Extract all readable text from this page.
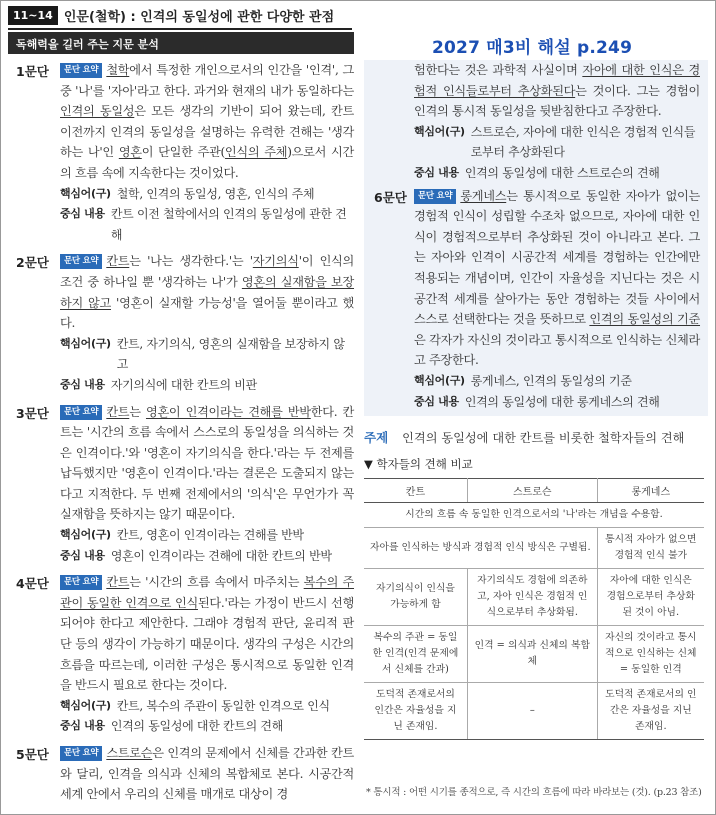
11~14 인문(철학) : 인격의 동일성에 관한 다양한 관점
2027 매3비 해설 p.249
독해력을 길러 주는 지문 분석
1문단	문단 요약 철학에서 특정한 개인으로서의 인간을 '인격', 그중 '나'를 '자아'라고 한다. 과거와 현재의 내가 동일하다는 인격의 동일성은 모든 생각의 기반이 되어 왔는데, 칸트 이전까지 인격의 동일성을 설명하는 유력한 견해는 '생각하는 나'인 영혼이 단일한 주관(인식의 주체)으로서 시간의 흐름 속에 지속한다는 것이었다.
핵심어(구) 철학, 인격의 동일성, 영혼, 인식의 주체
중심 내용 칸트 이전 철학에서의 인격의 동일성에 관한 견해
2문단	문단 요약 칸트는 '나는 생각한다.'는 '자기의식'이 인식의 조건 중 하나일 뿐 '생각하는 나'가 영혼의 실재함을 보장하지 않고 '영혼이 실재할 가능성'을 열어둘 뿐이라고 했다.
핵심어(구) 칸트, 자기의식, 영혼의 실재함을 보장하지 않고
중심 내용 자기의식에 대한 칸트의 비판
3문단	문단 요약 칸트는 영혼이 인격이라는 견해를 반박한다. 칸트는 '시간의 흐름 속에서 스스로의 동일성을 의식하는 것은 인격이다.'와 '영혼이 자기의식을 한다.'라는 두 전제를 납득했지만 '영혼이 인격이다.'라는 결론은 도출되지 않는다고 지적한다. 두 번째 전제에서의 '의식'은 무언가가 꼭 실재함을 뜻하지는 않기 때문이다.
핵심어(구) 칸트, 영혼이 인격이라는 견해를 반박
중심 내용 영혼이 인격이라는 견해에 대한 칸트의 반박
4문단	문단 요약 칸트는 '시간의 흐름 속에서 마주치는 복수의 주관이 동일한 인격으로 인식된다.'라는 가정이 반드시 선행되어야 한다고 제안한다. 그래야 경험적 판단, 윤리적 판단 등의 생각이 가능하기 때문이다. 생각의 구성은 시간의 흐름을 따르는데, 이러한 구성은 통시적으로 동일한 인격을 반드시 필요로 한다는 것이다.
핵심어(구) 칸트, 복수의 주관이 동일한 인격으로 인식
중심 내용 인격의 동일성에 대한 칸트의 견해
5문단	문단 요약 스트로슨은 인격의 문제에서 신체를 간과한 칸트와 달리, 인격을 의식과 신체의 복합체로 본다. 시공간적 세계 안에서 우리의 신체를 매개로 대상이 경
험한다는 것은 과학적 사실이며 자아에 대한 인식은 경험적 인식들로부터 추상화된다는 것이다. 그는 경험이 인격의 통시적 동일성을 뒷받침한다고 주장한다.
핵심어(구) 스트로슨, 자아에 대한 인식은 경험적 인식들로부터 추상화된다
중심 내용 인격의 동일성에 대한 스트로슨의 견해
6문단	문단 요약 롱게네스는 통시적으로 동일한 자아가 없이는 경험적 인식이 성립할 수조차 없으므로, 자아에 대한 인식이 경험적으로부터 추상화된 것이 아니라고 본다. 그는 자아와 인격이 시공간적 세계를 경험하는 인간에만 적용되는 개념이며, 인간이 자율성을 지닌다는 것은 시공간적 세계를 살아가는 동안 경험하는 것들 사이에서 스스로 선택한다는 것을 뜻하므로 인격의 동일성의 기준은 각자가 자신의 것이라고 통시적으로 인식하는 신체라고 주장한다.
핵심어(구) 롱게네스, 인격의 동일성의 기준
중심 내용 인격의 동일성에 대한 롱게네스의 견해
주제 인격의 동일성에 대한 칸트를 비롯한 철학자들의 견해
▼ 학자들의 견해 비교
칸트	스트로슨	롱게네스
시간의 흐름 속 동일한 인격으로서의 '나'라는 개념을 수용함.		
자아를 인식하는 방식과 경험적 인식 방식은 구별됨.		통시적 자아가 없으면 경험적 인식 불가
자기의식이 인식을 가능하게 함	자기의식도 경험에 의존하고, 자아 인식은 경험적 인식으로부터 추상화됨.	자아에 대한 인식은 경험으로부터 추상화된 것이 아님.
복수의 주관 = 동일한 인격(인격 문제에서 신체를 간과)	인격 = 의식과 신체의 복합체	자신의 것이라고 통시적으로 인식하는 신체 = 동일한 인격
도덕적 존재로서의 인간은 자율성을 지닌 존재임.	–	도덕적 존재로서의 인간은 자율성을 지닌 존재임.
* 통시적 : 어떤 시기를 종적으로, 즉 시간의 흐름에 따라 바라보는 (것). (p.23 참조)
